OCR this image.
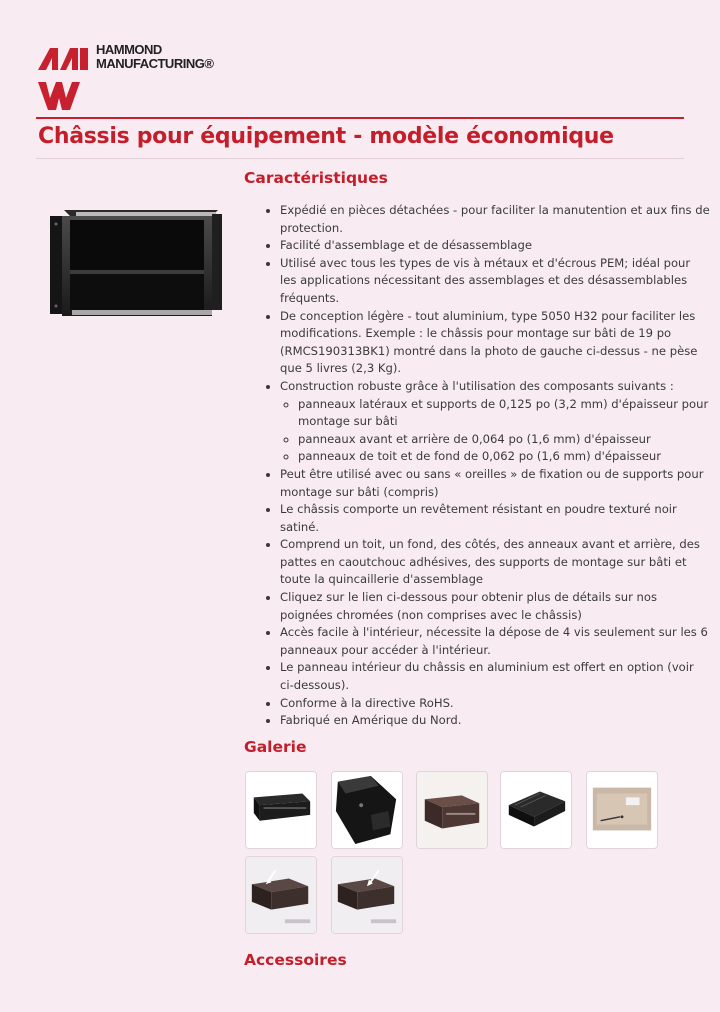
HAMMOND
MANUFACTURING®
Châssis pour équipement - modèle économique
Caractéristiques
• Expédié en pièces détachées - pour faciliter la manutention et aux fins de protection.
• Facilité d'assemblage et de désassemblage
• Utilisé avec tous les types de vis à métaux et d'écrous PEM; idéal pour les applications nécessitant des assemblages et des désassemblables fréquents.
• De conception légère - tout aluminium, type 5050 H32 pour faciliter les modifications. Exemple : le châssis pour montage sur bâti de 19 po (RMCS190313BK1) montré dans la photo de gauche ci-dessus - ne pèse que 5 livres (2,3 Kg).
• Construction robuste grâce à l'utilisation des composants suivants :
◦ panneaux latéraux et supports de 0,125 po (3,2 mm) d'épaisseur pour montage sur bâti
◦ panneaux avant et arrière de 0,064 po (1,6 mm) d'épaisseur
◦ panneaux de toit et de fond de 0,062 po (1,6 mm) d'épaisseur
• Peut être utilisé avec ou sans « oreilles » de fixation ou de supports pour montage sur bâti (compris)
• Le châssis comporte un revêtement résistant en poudre texturé noir satiné.
• Comprend un toit, un fond, des côtés, des anneaux avant et arrière, des pattes en caoutchouc adhésives, des supports de montage sur bâti et toute la quincaillerie d'assemblage
• Cliquez sur le lien ci-dessous pour obtenir plus de détails sur nos poignées chromées (non comprises avec le châssis)
• Accès facile à l'intérieur, nécessite la dépose de 4 vis seulement sur les 6 panneaux pour accéder à l'intérieur.
• Le panneau intérieur du châssis en aluminium est offert en option (voir ci-dessous).
• Conforme à la directive RoHS.
• Fabriqué en Amérique du Nord.
Galerie
Accessoires
